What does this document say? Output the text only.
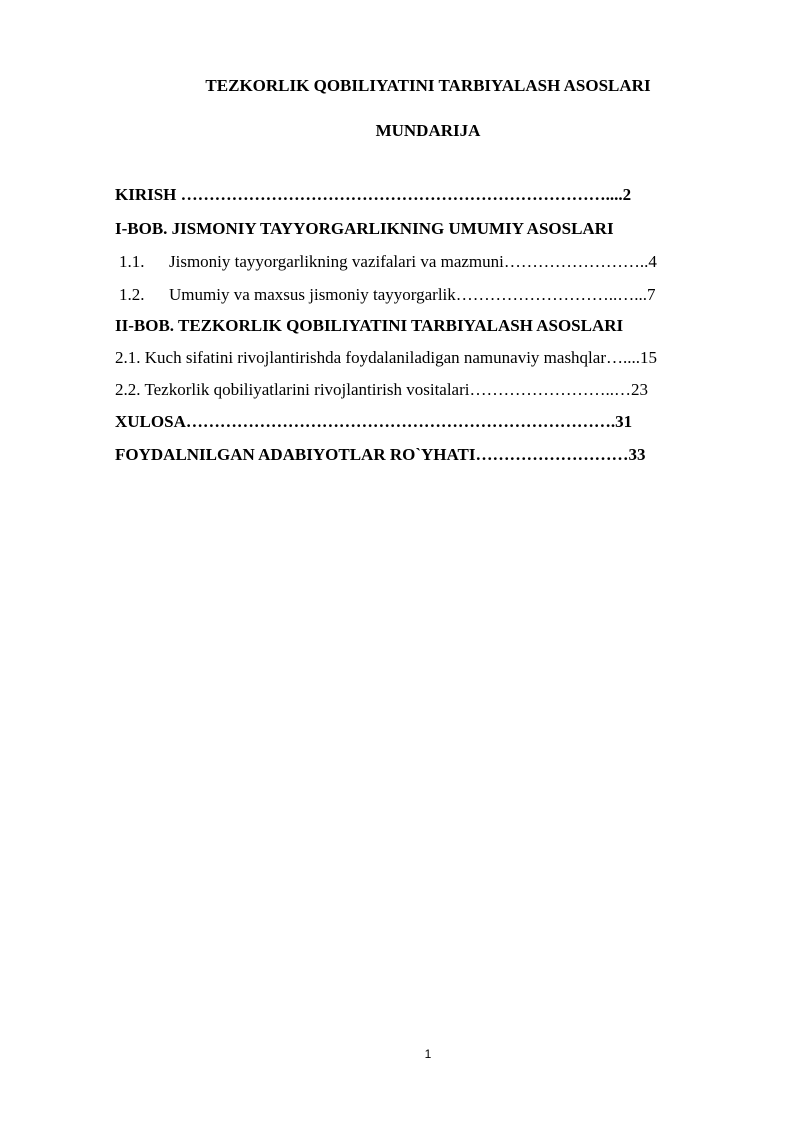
TEZKORLIK QOBILIYATINI TARBIYALASH ASOSLARI
MUNDARIJA
KIRISH …………………………………………………………………....2
I-BOB. JISMONIY TAYYORGARLIKNING UMUMIY ASOSLARI
1.1. Jismoniy tayyorgarlikning vazifalari va mazmuni……………………..4
1.2. Umumiy va maxsus jismoniy tayyorgarlik………………………..…...7
II-BOB. TEZKORLIK QOBILIYATINI TARBIYALASH ASOSLARI
2.1. Kuch sifatini rivojlantirishda foydalaniladigan namunaviy mashqlar…....15
2.2. Tezkorlik qobiliyatlarini rivojlantirish vositalari……………………..…23
XULOSA………………………………………………………………….31
FOYDALNILGAN ADABIYOTLAR RO`YHATI………………………33
1
